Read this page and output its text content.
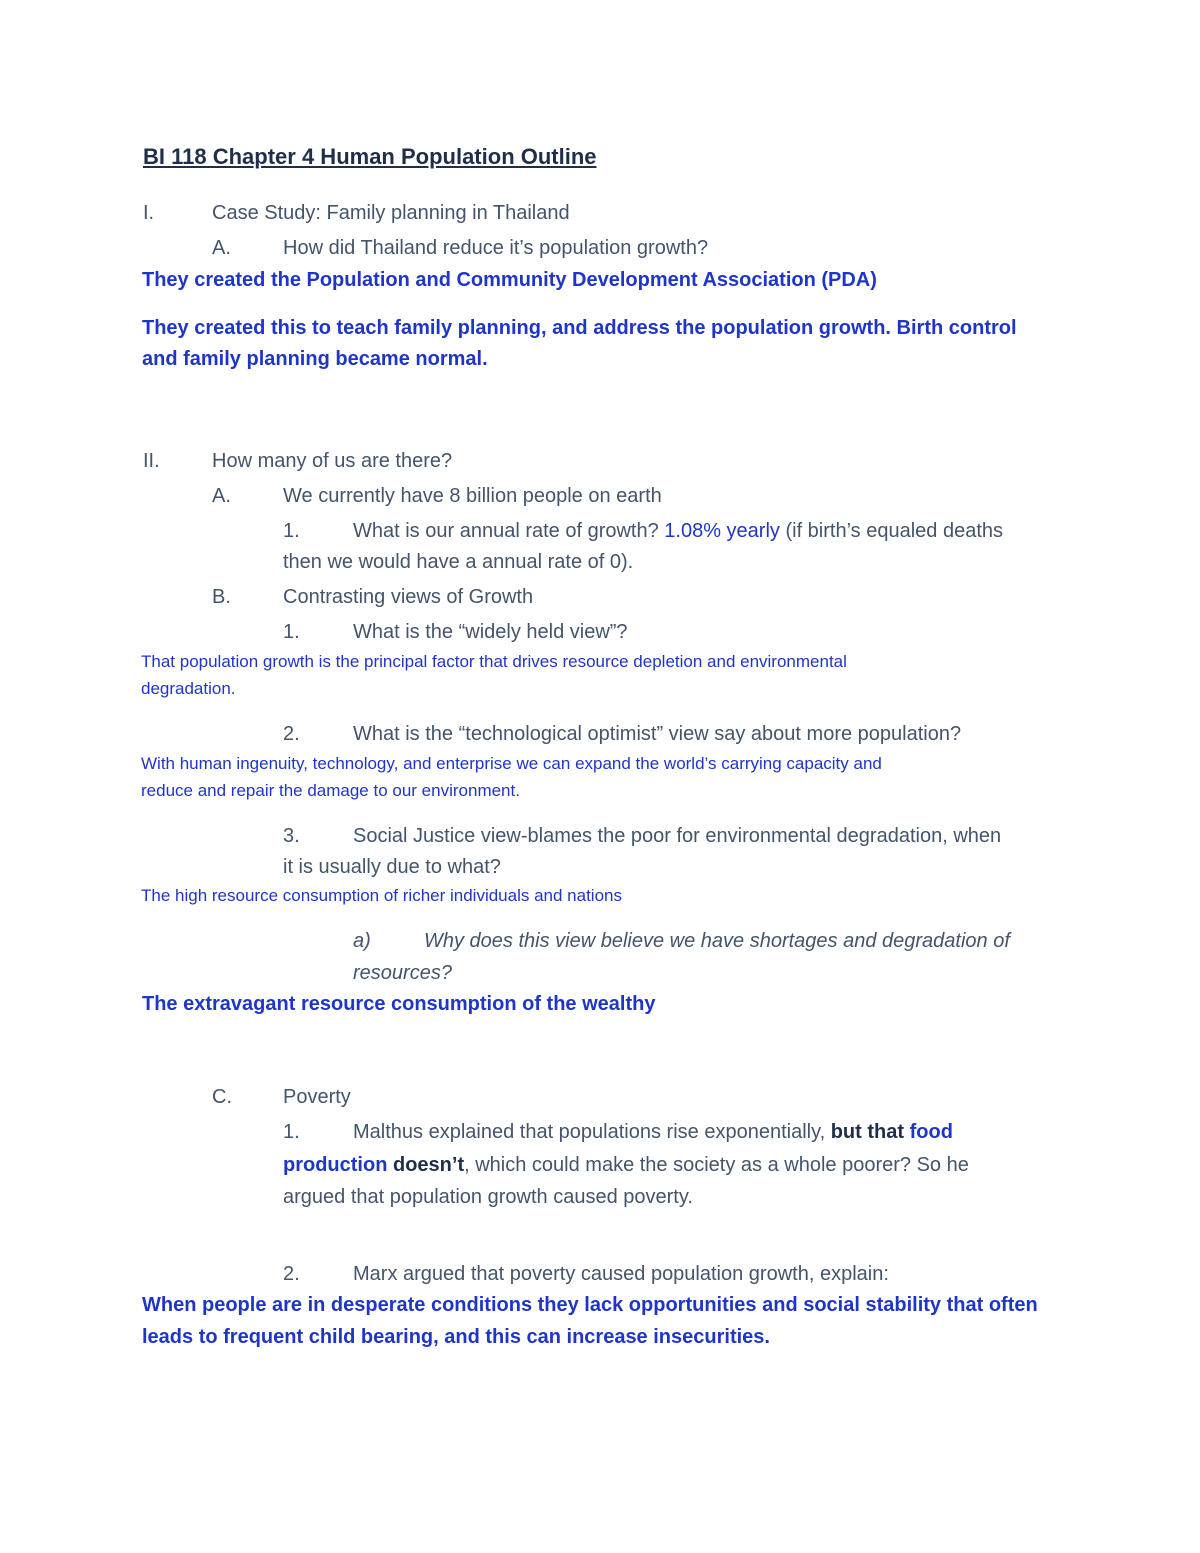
BI 118 Chapter 4 Human Population Outline
I.	Case Study: Family planning in Thailand
A.	How did Thailand reduce it’s population growth?
They created the Population and Community Development Association (PDA)
They created this to teach family planning, and address the population growth. Birth control
and family planning became normal.
II.	How many of us are there?
A.	We currently have 8 billion people on earth
1.	What is our annual rate of growth? 1.08% yearly (if birth’s equaled deaths
then we would have a annual rate of 0).
B.	Contrasting views of Growth
1.	What is the “widely held view”?
That population growth is the principal factor that drives resource depletion and environmental
degradation.
2.	What is the “technological optimist” view say about more population?
With human ingenuity, technology, and enterprise we can expand the world’s carrying capacity and
reduce and repair the damage to our environment.
3.	Social Justice view-blames the poor for environmental degradation, when
it is usually due to what?
The high resource consumption of richer individuals and nations
a)	Why does this view believe we have shortages and degradation of
resources?
The extravagant resource consumption of the wealthy
C.	Poverty
1.	Malthus explained that populations rise exponentially, but that food
production doesn’t, which could make the society as a whole poorer? So he
argued that population growth caused poverty.
2.	Marx argued that poverty caused population growth, explain:
When people are in desperate conditions they lack opportunities and social stability that often
leads to frequent child bearing, and this can increase insecurities.
